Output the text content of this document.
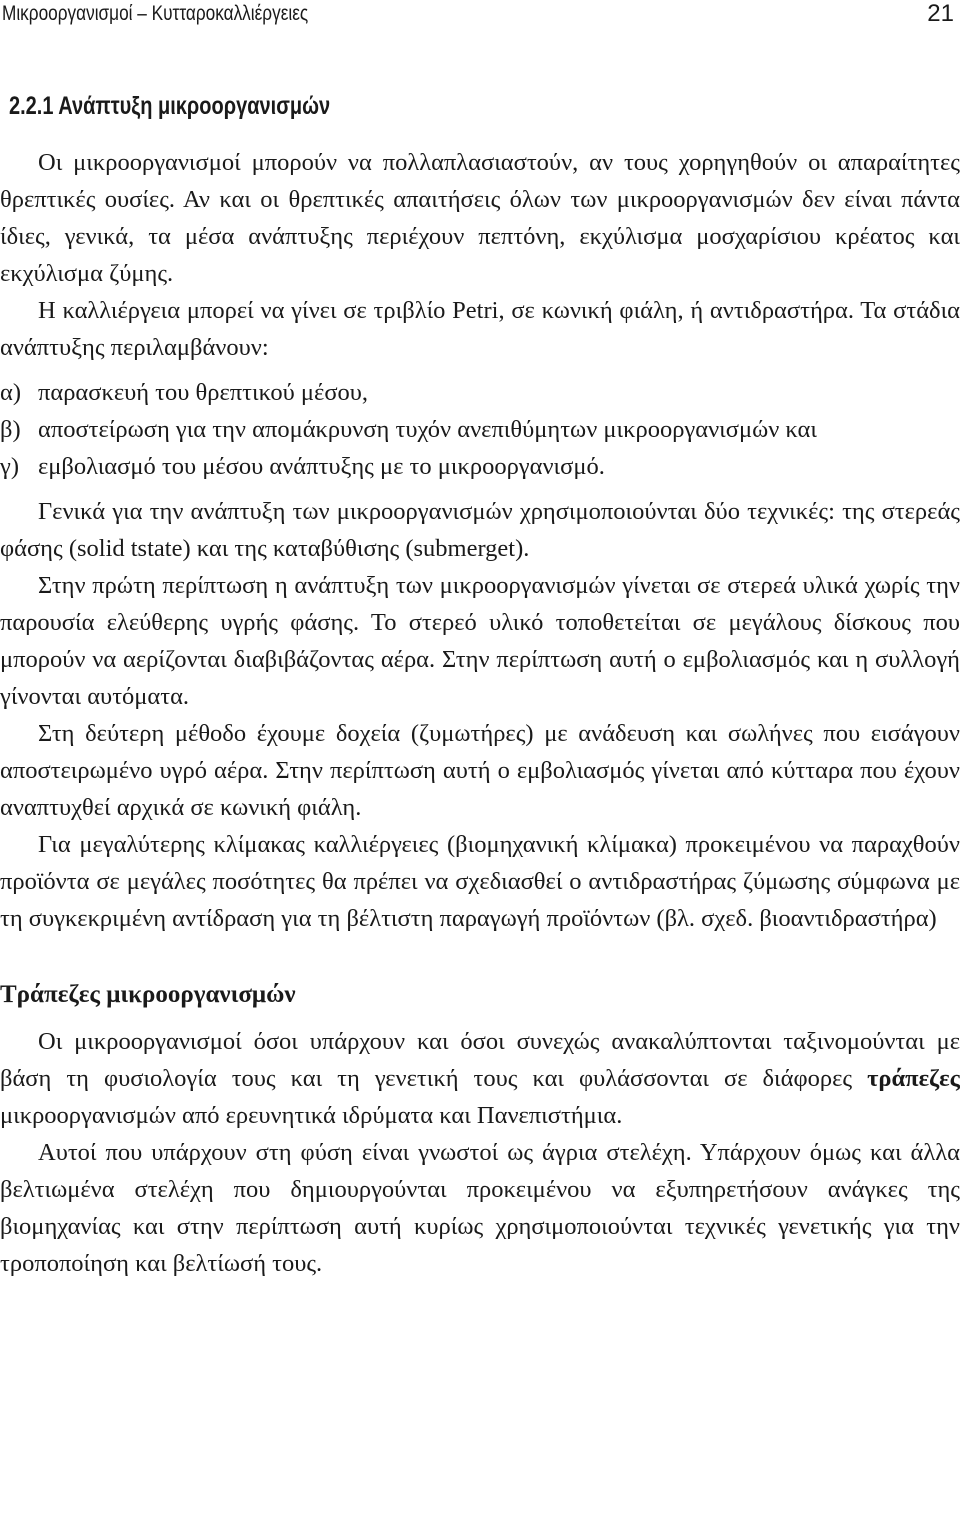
Μικροοργανισμοί – Κυτταροκαλλιέργειες	21
2.2.1 Ανάπτυξη μικροοργανισμών

Οι μικροοργανισμοί μπορούν να πολλαπλασιαστούν, αν τους χορηγηθούν οι απαραίτητες θρεπτικές ουσίες. Αν και οι θρεπτικές απαιτήσεις όλων των μικροοργανισμών δεν είναι πάντα ίδιες, γενικά, τα μέσα ανάπτυξης περιέχουν πεπτόνη, εκχύλισμα μοσχαρίσιου κρέατος και εκχύλισμα ζύμης.

Η καλλιέργεια μπορεί να γίνει σε τριβλίο Petri, σε κωνική φιάλη, ή αντιδραστήρα. Τα στάδια ανάπτυξης περιλαμβάνουν:

α) παρασκευή του θρεπτικού μέσου,
β) αποστείρωση για την απομάκρυνση τυχόν ανεπιθύμητων μικροοργανισμών και
γ) εμβολιασμό του μέσου ανάπτυξης με το μικροοργανισμό.

Γενικά για την ανάπτυξη των μικροοργανισμών χρησιμοποιούνται δύο τεχνικές: της στερεάς φάσης (solid tstate) και της καταβύθισης (submerget).

Στην πρώτη περίπτωση η ανάπτυξη των μικροοργανισμών γίνεται σε στερεά υλικά χωρίς την παρουσία ελεύθερης υγρής φάσης. Το στερεό υλικό τοποθετείται σε μεγάλους δίσκους που μπορούν να αερίζονται διαβιβάζοντας αέρα. Στην περίπτωση αυτή ο εμβολιασμός και η συλλογή γίνονται αυτόματα.

Στη δεύτερη μέθοδο έχουμε δοχεία (ζυμωτήρες) με ανάδευση και σωλήνες που εισάγουν αποστειρωμένο υγρό αέρα. Στην περίπτωση αυτή ο εμβολιασμός γίνεται από κύτταρα που έχουν αναπτυχθεί αρχικά σε κωνική φιάλη.

Για μεγαλύτερης κλίμακας καλλιέργειες (βιομηχανική κλίμακα) προκειμένου να παραχθούν προϊόντα σε μεγάλες ποσότητες θα πρέπει να σχεδιασθεί ο αντιδραστήρας ζύμωσης σύμφωνα με τη συγκεκριμένη αντίδραση για τη βέλτιστη παραγωγή προϊόντων (βλ. σχεδ. βιοαντιδραστήρα)

Τράπεζες μικροοργανισμών

Οι μικροοργανισμοί όσοι υπάρχουν και όσοι συνεχώς ανακαλύπτονται ταξινομούνται με βάση τη φυσιολογία τους και τη γενετική τους και φυλάσσονται σε διάφορες τράπεζες μικροοργανισμών από ερευνητικά ιδρύματα και Πανεπιστήμια.

Αυτοί που υπάρχουν στη φύση είναι γνωστοί ως άγρια στελέχη. Υπάρχουν όμως και άλλα βελτιωμένα στελέχη που δημιουργούνται προκειμένου να εξυπηρετήσουν ανάγκες της βιομηχανίας και στην περίπτωση αυτή κυρίως χρησιμοποιούνται τεχνικές γενετικής για την τροποποίηση και βελτίωσή τους.
